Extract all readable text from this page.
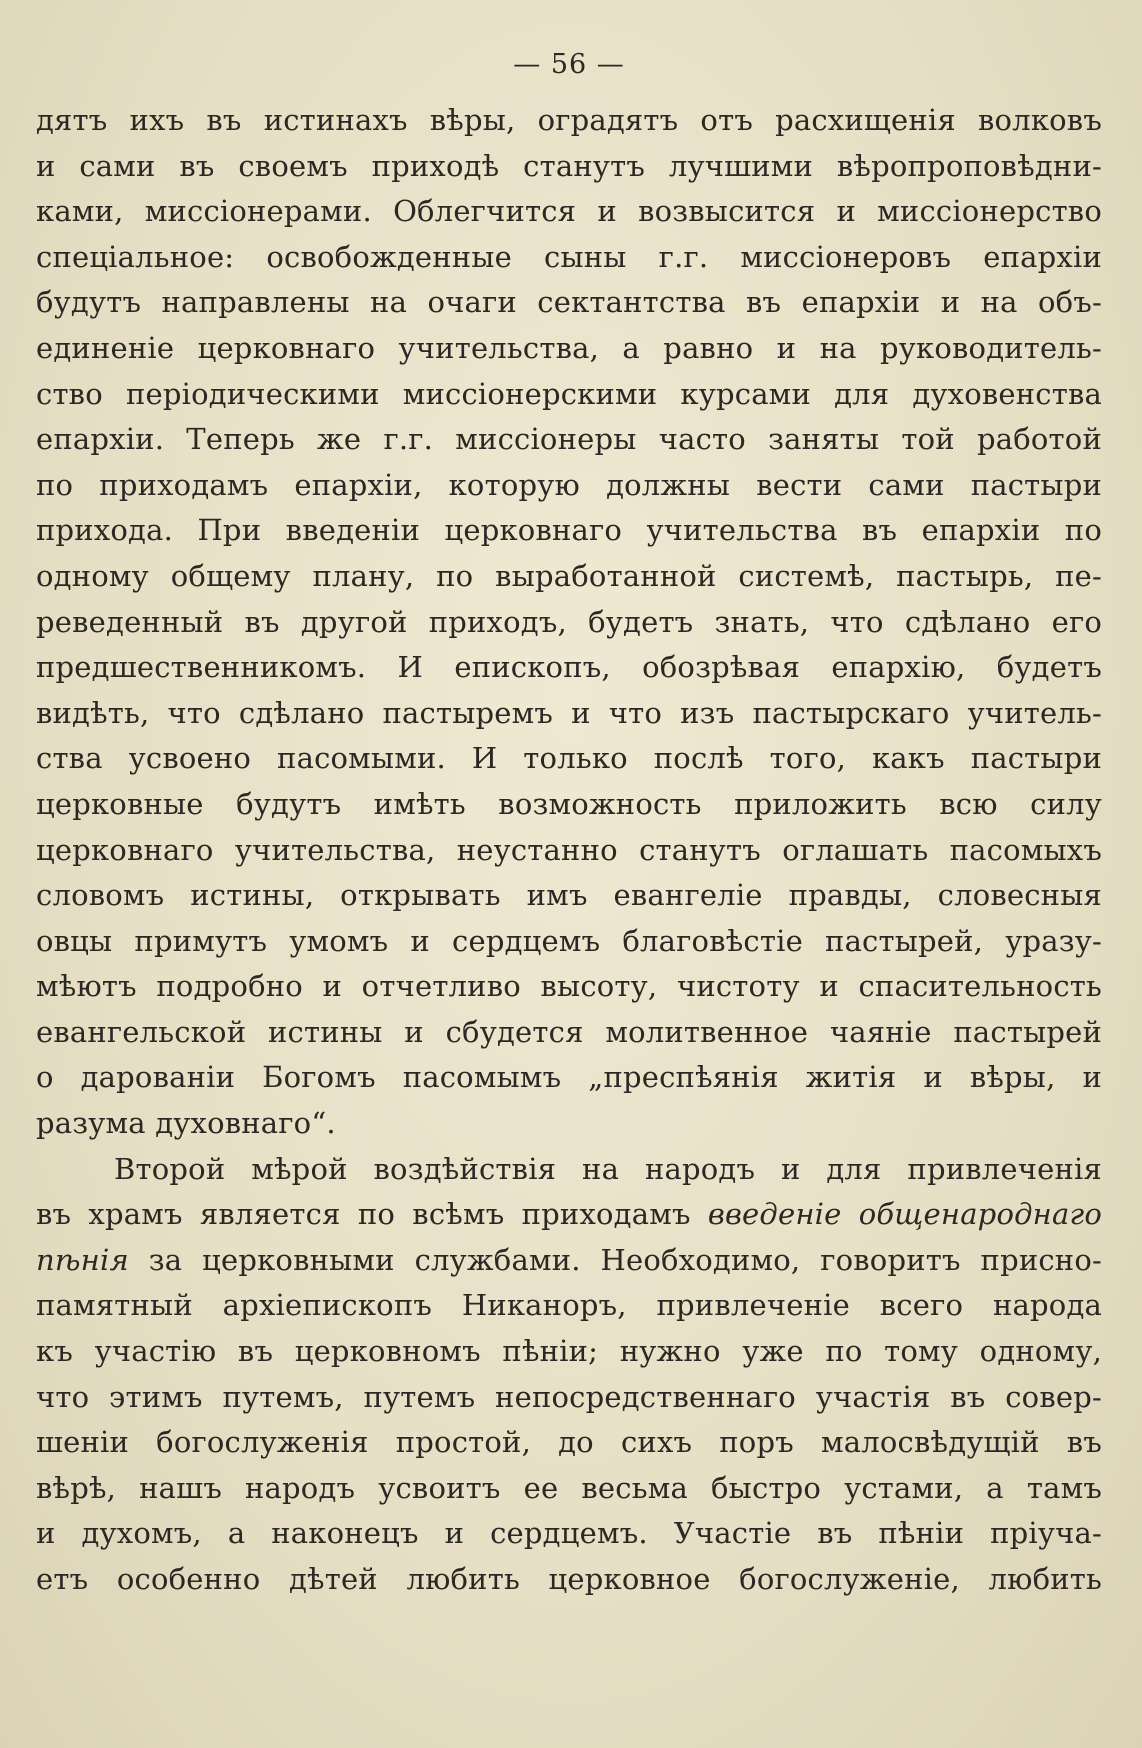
— 56 —
дятъ ихъ въ истинахъ вѣры, оградятъ отъ расхищенія волковъ
и сами въ своемъ приходѣ станутъ лучшими вѣропроповѣдни-
ками, миссіонерами. Облегчится и возвысится и миссіонерство
спеціальное: освобожденные сыны г.г. миссіонеровъ епархіи
будутъ направлены на очаги сектантства въ епархіи и на объ-
единеніе церковнаго учительства, а равно и на руководитель-
ство періодическими миссіонерскими курсами для духовенства
епархіи. Теперь же г.г. миссіонеры часто заняты той работой
по приходамъ епархіи, которую должны вести сами пастыри
прихода. При введеніи церковнаго учительства въ епархіи по
одному общему плану, по выработанной системѣ, пастырь, пе-
реведенный въ другой приходъ, будетъ знать, что сдѣлано его
предшественникомъ. И епископъ, обозрѣвая епархію, будетъ
видѣть, что сдѣлано пастыремъ и что изъ пастырскаго учитель-
ства усвоено пасомыми. И только послѣ того, какъ пастыри
церковные будутъ имѣть возможность приложить всю силу
церковнаго учительства, неустанно станутъ оглашать пасомыхъ
словомъ истины, открывать имъ евангеліе правды, словесныя
овцы примутъ умомъ и сердцемъ благовѣстіе пастырей, уразу-
мѣютъ подробно и отчетливо высоту, чистоту и спасительность
евангельской истины и сбудется молитвенное чаяніе пастырей
о дарованіи Богомъ пасомымъ „преспѣянія житія и вѣры, и
разума духовнаго“.
Второй мѣрой воздѣйствія на народъ и для привлеченія
въ храмъ является по всѣмъ приходамъ введеніе общенароднаго
пѣнія за церковными службами. Необходимо, говоритъ присно-
памятный архіепископъ Никаноръ, привлеченіе всего народа
къ участію въ церковномъ пѣніи; нужно уже по тому одному,
что этимъ путемъ, путемъ непосредственнаго участія въ совер-
шеніи богослуженія простой, до сихъ поръ малосвѣдущій въ
вѣрѣ, нашъ народъ усвоитъ ее весьма быстро устами, а тамъ
и духомъ, а наконецъ и сердцемъ. Участіе въ пѣніи пріуча-
етъ особенно дѣтей любить церковное богослуженіе, любить
